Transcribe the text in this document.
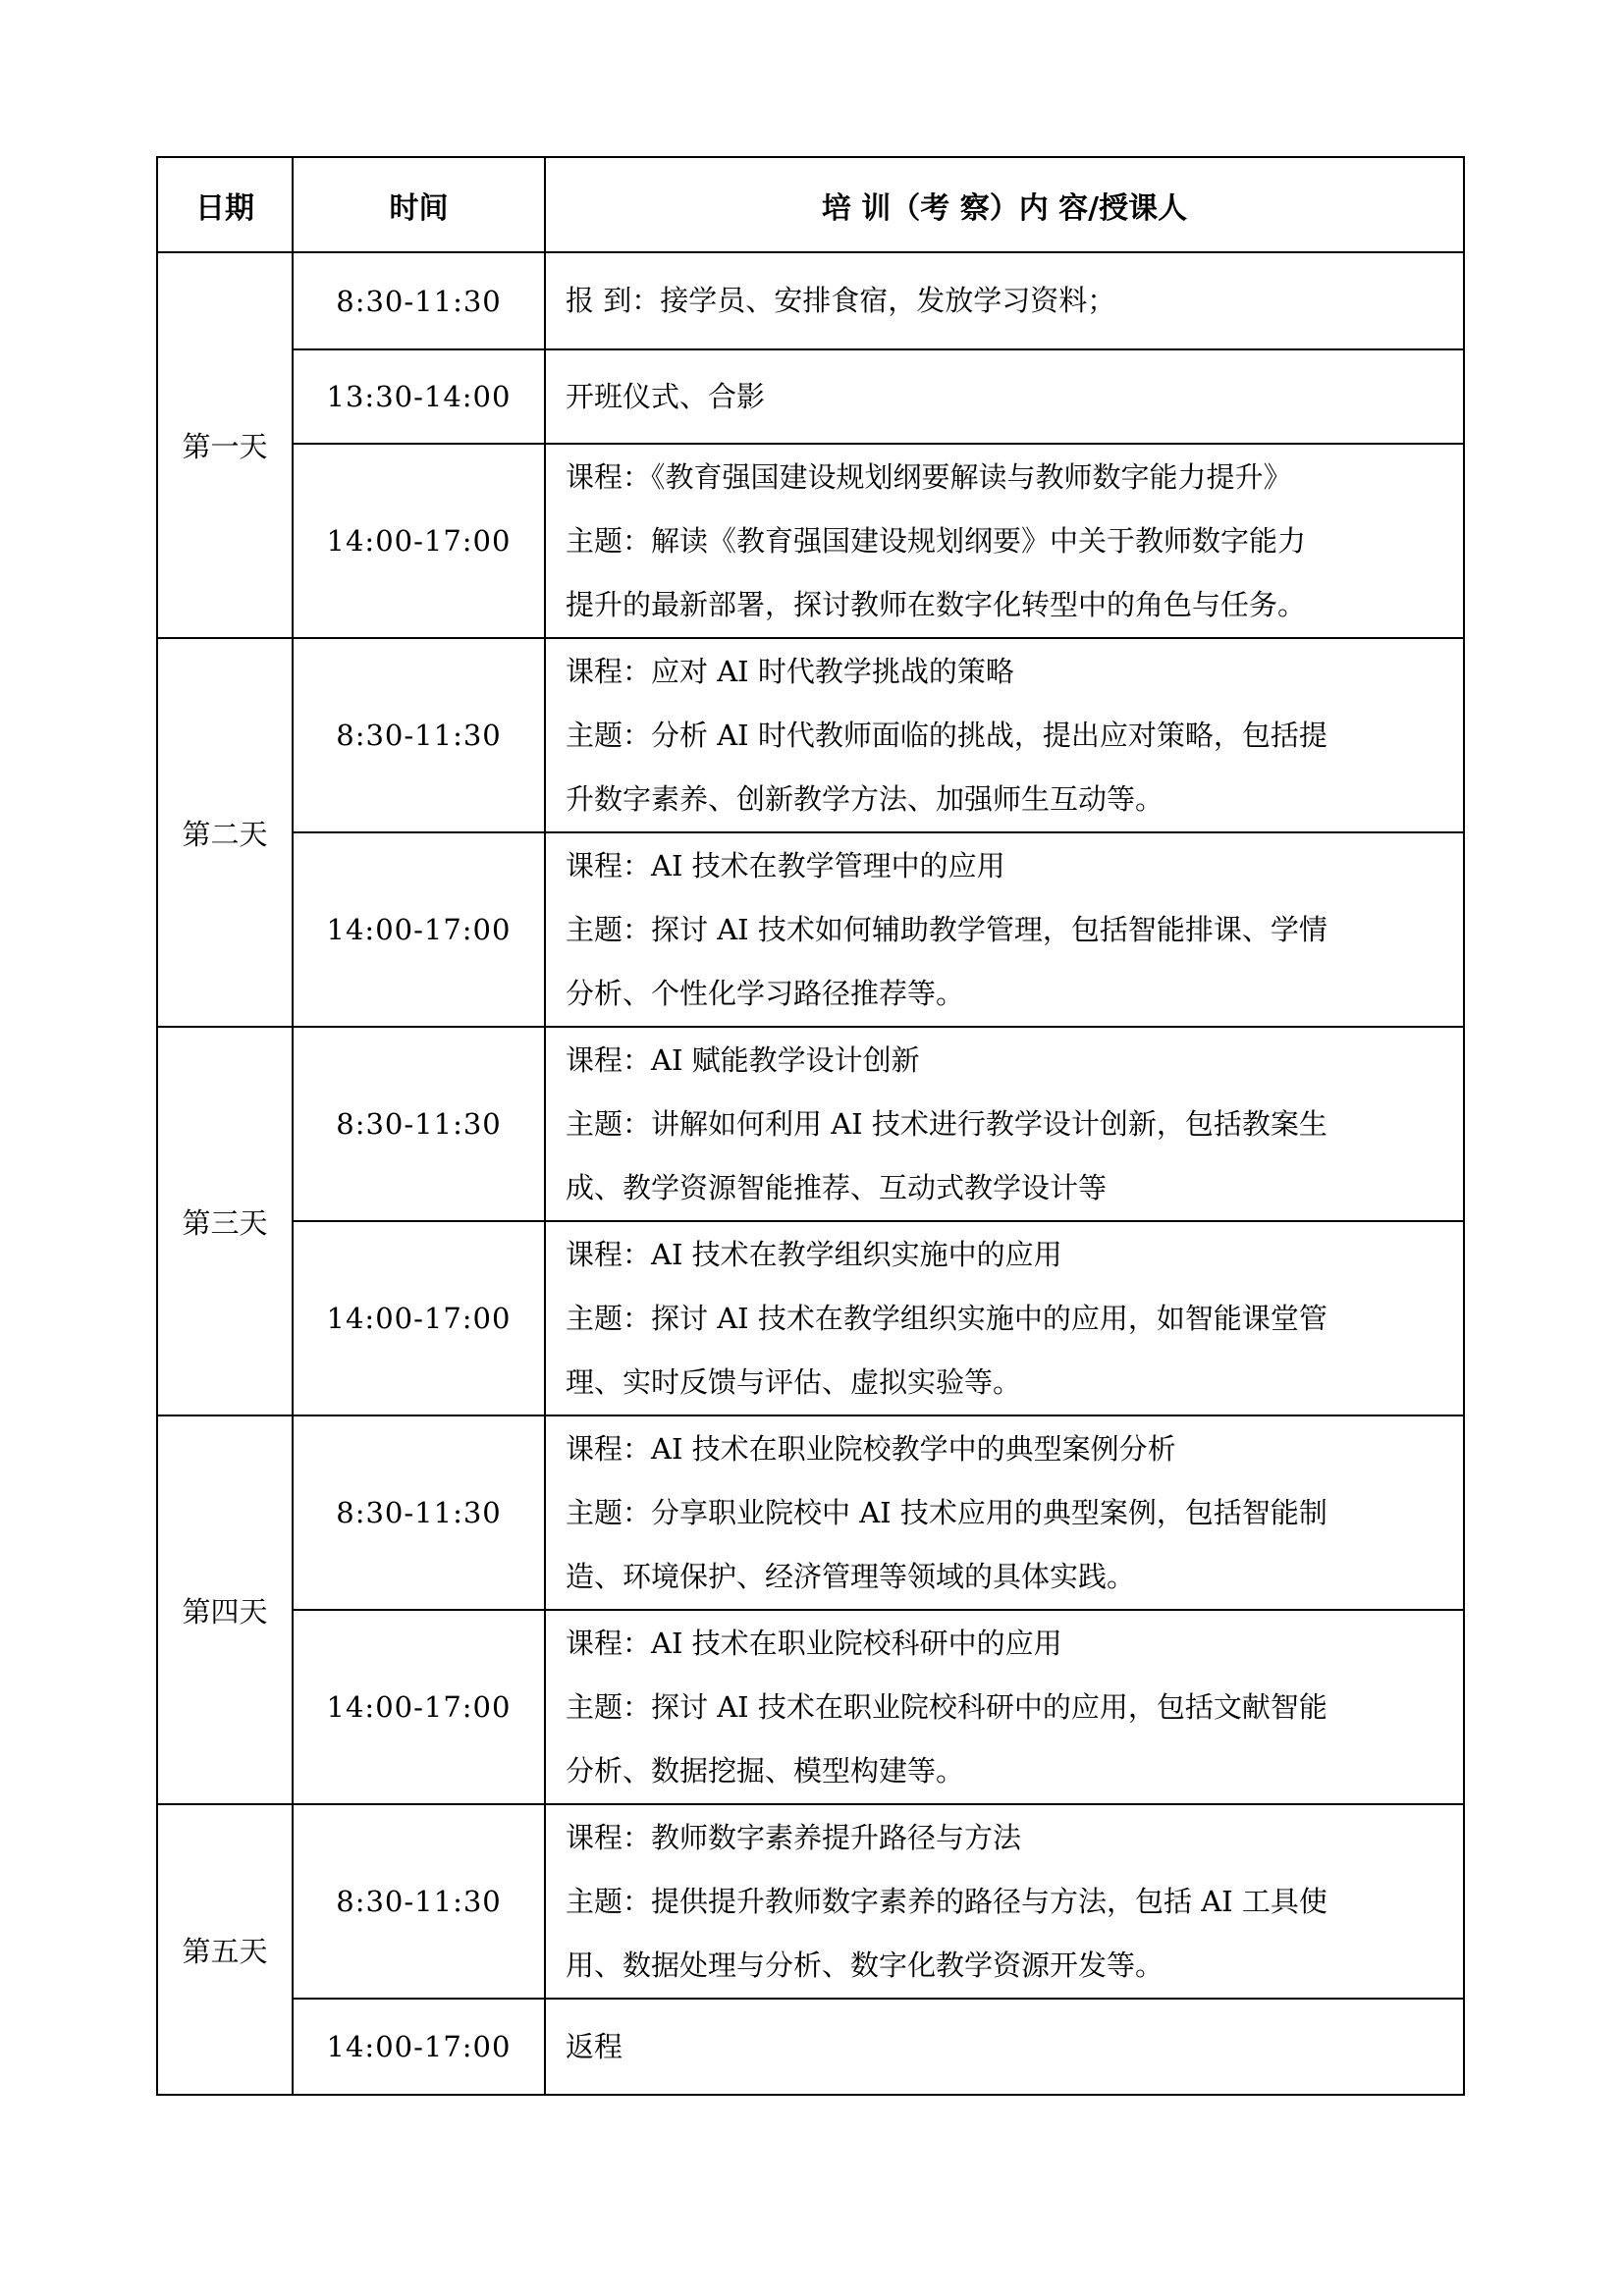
日期	时间	培 训（考 察）内 容/授课人
第一天	8:30-11:30	报 到：接学员、安排食宿，发放学习资料；

	13:30-14:00	开班仪式、合影

	14:00-17:00	课程：《教育强国建设规划纲要解读与教师数字能力提升》
主题：解读《教育强国建设规划纲要》中关于教师数字能力
提升的最新部署，探讨教师在数字化转型中的角色与任务。

第二天	8:30-11:30	课程：应对 AI 时代教学挑战的策略
主题：分析 AI 时代教师面临的挑战，提出应对策略，包括提
升数字素养、创新教学方法、加强师生互动等。

	14:00-17:00	课程：AI 技术在教学管理中的应用
主题：探讨 AI 技术如何辅助教学管理，包括智能排课、学情
分析、个性化学习路径推荐等。

第三天	8:30-11:30	课程：AI 赋能教学设计创新
主题：讲解如何利用 AI 技术进行教学设计创新，包括教案生
成、教学资源智能推荐、互动式教学设计等

	14:00-17:00	课程：AI 技术在教学组织实施中的应用
主题：探讨 AI 技术在教学组织实施中的应用，如智能课堂管
理、实时反馈与评估、虚拟实验等。

第四天	8:30-11:30	课程：AI 技术在职业院校教学中的典型案例分析
主题：分享职业院校中 AI 技术应用的典型案例，包括智能制
造、环境保护、经济管理等领域的具体实践。

	14:00-17:00	课程：AI 技术在职业院校科研中的应用
主题：探讨 AI 技术在职业院校科研中的应用，包括文献智能
分析、数据挖掘、模型构建等。

第五天	8:30-11:30	课程：教师数字素养提升路径与方法
主题：提供提升教师数字素养的路径与方法，包括 AI 工具使
用、数据处理与分析、数字化教学资源开发等。

	14:00-17:00	返程
